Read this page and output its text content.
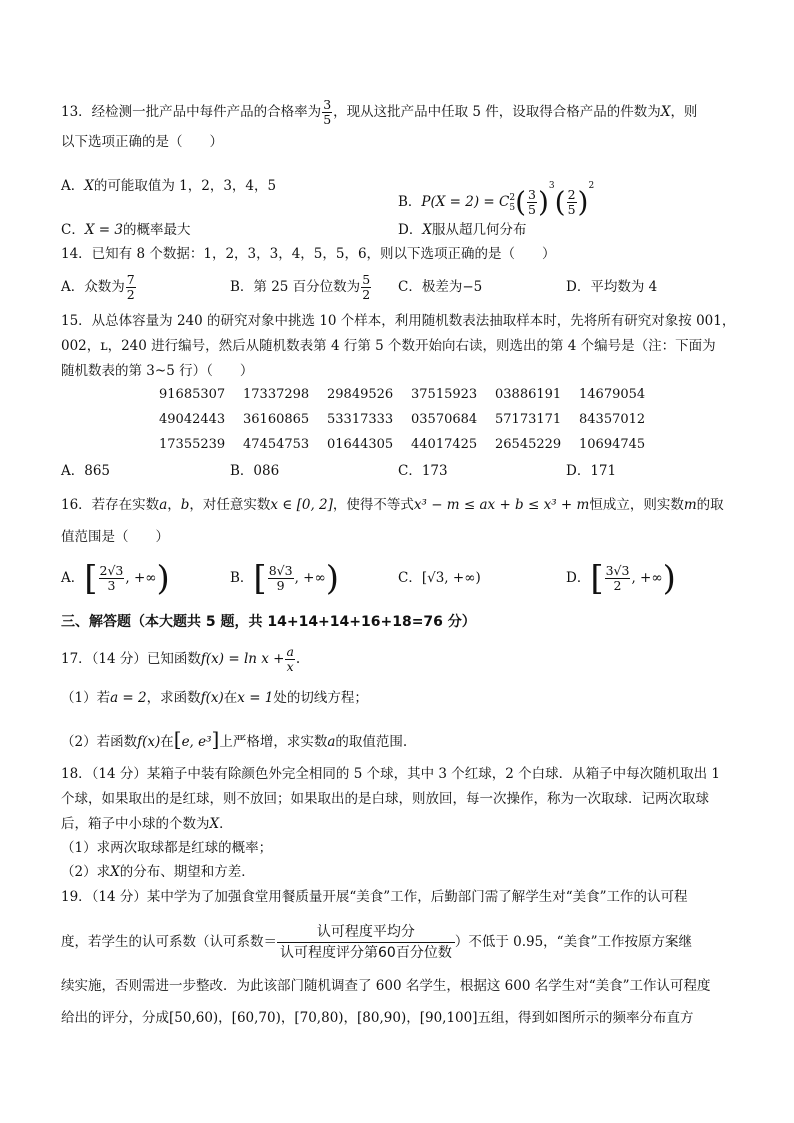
13．经检测一批产品中每件产品的合格率为 $\frac{3}{5}$ ，现从这批产品中任取 5 件，设取得合格产品的件数为X，则
以下选项正确的是（　　）
A．X的可能取值为 1，2，3，4，5
B．P(X = 2) = C 2
5 ( $\frac{3}{5} )^3( \frac{2}{5} )^2$
C．X = 3的概率最大	D．X服从超几何分布
14．已知有 8 个数据：1，2，3，3，4，5，5，6，则以下选项正确的是（　　）
A．众数为 $\frac{7}{2}$	B．第 25 百分位数为 $\frac{5}{2}$ C．极差为−5	D．平均数为 4
15．从总体容量为 240 的研究对象中挑选 10 个样本，利用随机数表法抽取样本时，先将所有研究对象按 001，
002，ʟ，240 进行编号，然后从随机数表第 4 行第 5 个数开始向右读，则选出的第 4 个编号是（注：下面为
随机数表的第 3~5 行）（　　）
91685307	17337298	29849526	37515923	03886191	14679054
49042443	36160865	53317333	03570684	57173171	84357012
17355239	47454753	01644305	44017425	26545229	10694745
A．865	B．086	C．173	D．171
16．若存在实数a，b，对任意实数x ∈ [0, 2]，使得不等式x³ − m ≤ ax + b ≤ x³ + m恒成立，则实数m的取
值范围是（　　）
A．[ $\frac{2√3}{3}$ , +∞)	B．[ $\frac{8√3}{9}$ , +∞)	C．[√3, +∞)	D．[ $\frac{3√3}{2}$ , +∞)
三、解答题（本大题共 5 题，共 14+14+14+16+18=76 分）
17．（14 分）已知函数$f(x) = \ln x + \frac{a}{x}$ .
（1）若a = 2，求函数f(x)在x = 1处的切线方程；
（2）若函数f(x)在[e, e³]上严格增，求实数a的取值范围.
18．（14 分）某箱子中装有除颜色外完全相同的 5 个球，其中 3 个红球，2 个白球．从箱子中每次随机取出 1
个球，如果取出的是红球，则不放回；如果取出的是白球，则放回，每一次操作，称为一次取球．记两次取球
后，箱子中小球的个数为X．
（1）求两次取球都是红球的概率；
（2）求X的分布、期望和方差．
19．（14 分）某中学为了加强食堂用餐质量开展“美食”工作，后勤部门需了解学生对“美食”工作的认可程
度，若学生的认可系数（认可系数＝
认可程度平均分
认可程度评分第60百分位数
）不低于 0.95，“美食”工作按原方案继
续实施，否则需进一步整改．为此该部门随机调查了 600 名学生，根据这 600 名学生对“美食”工作认可程度
给出的评分，分成[50,60)，[60,70)，[70,80)，[80,90)，[90,100]五组，得到如图所示的频率分布直方
